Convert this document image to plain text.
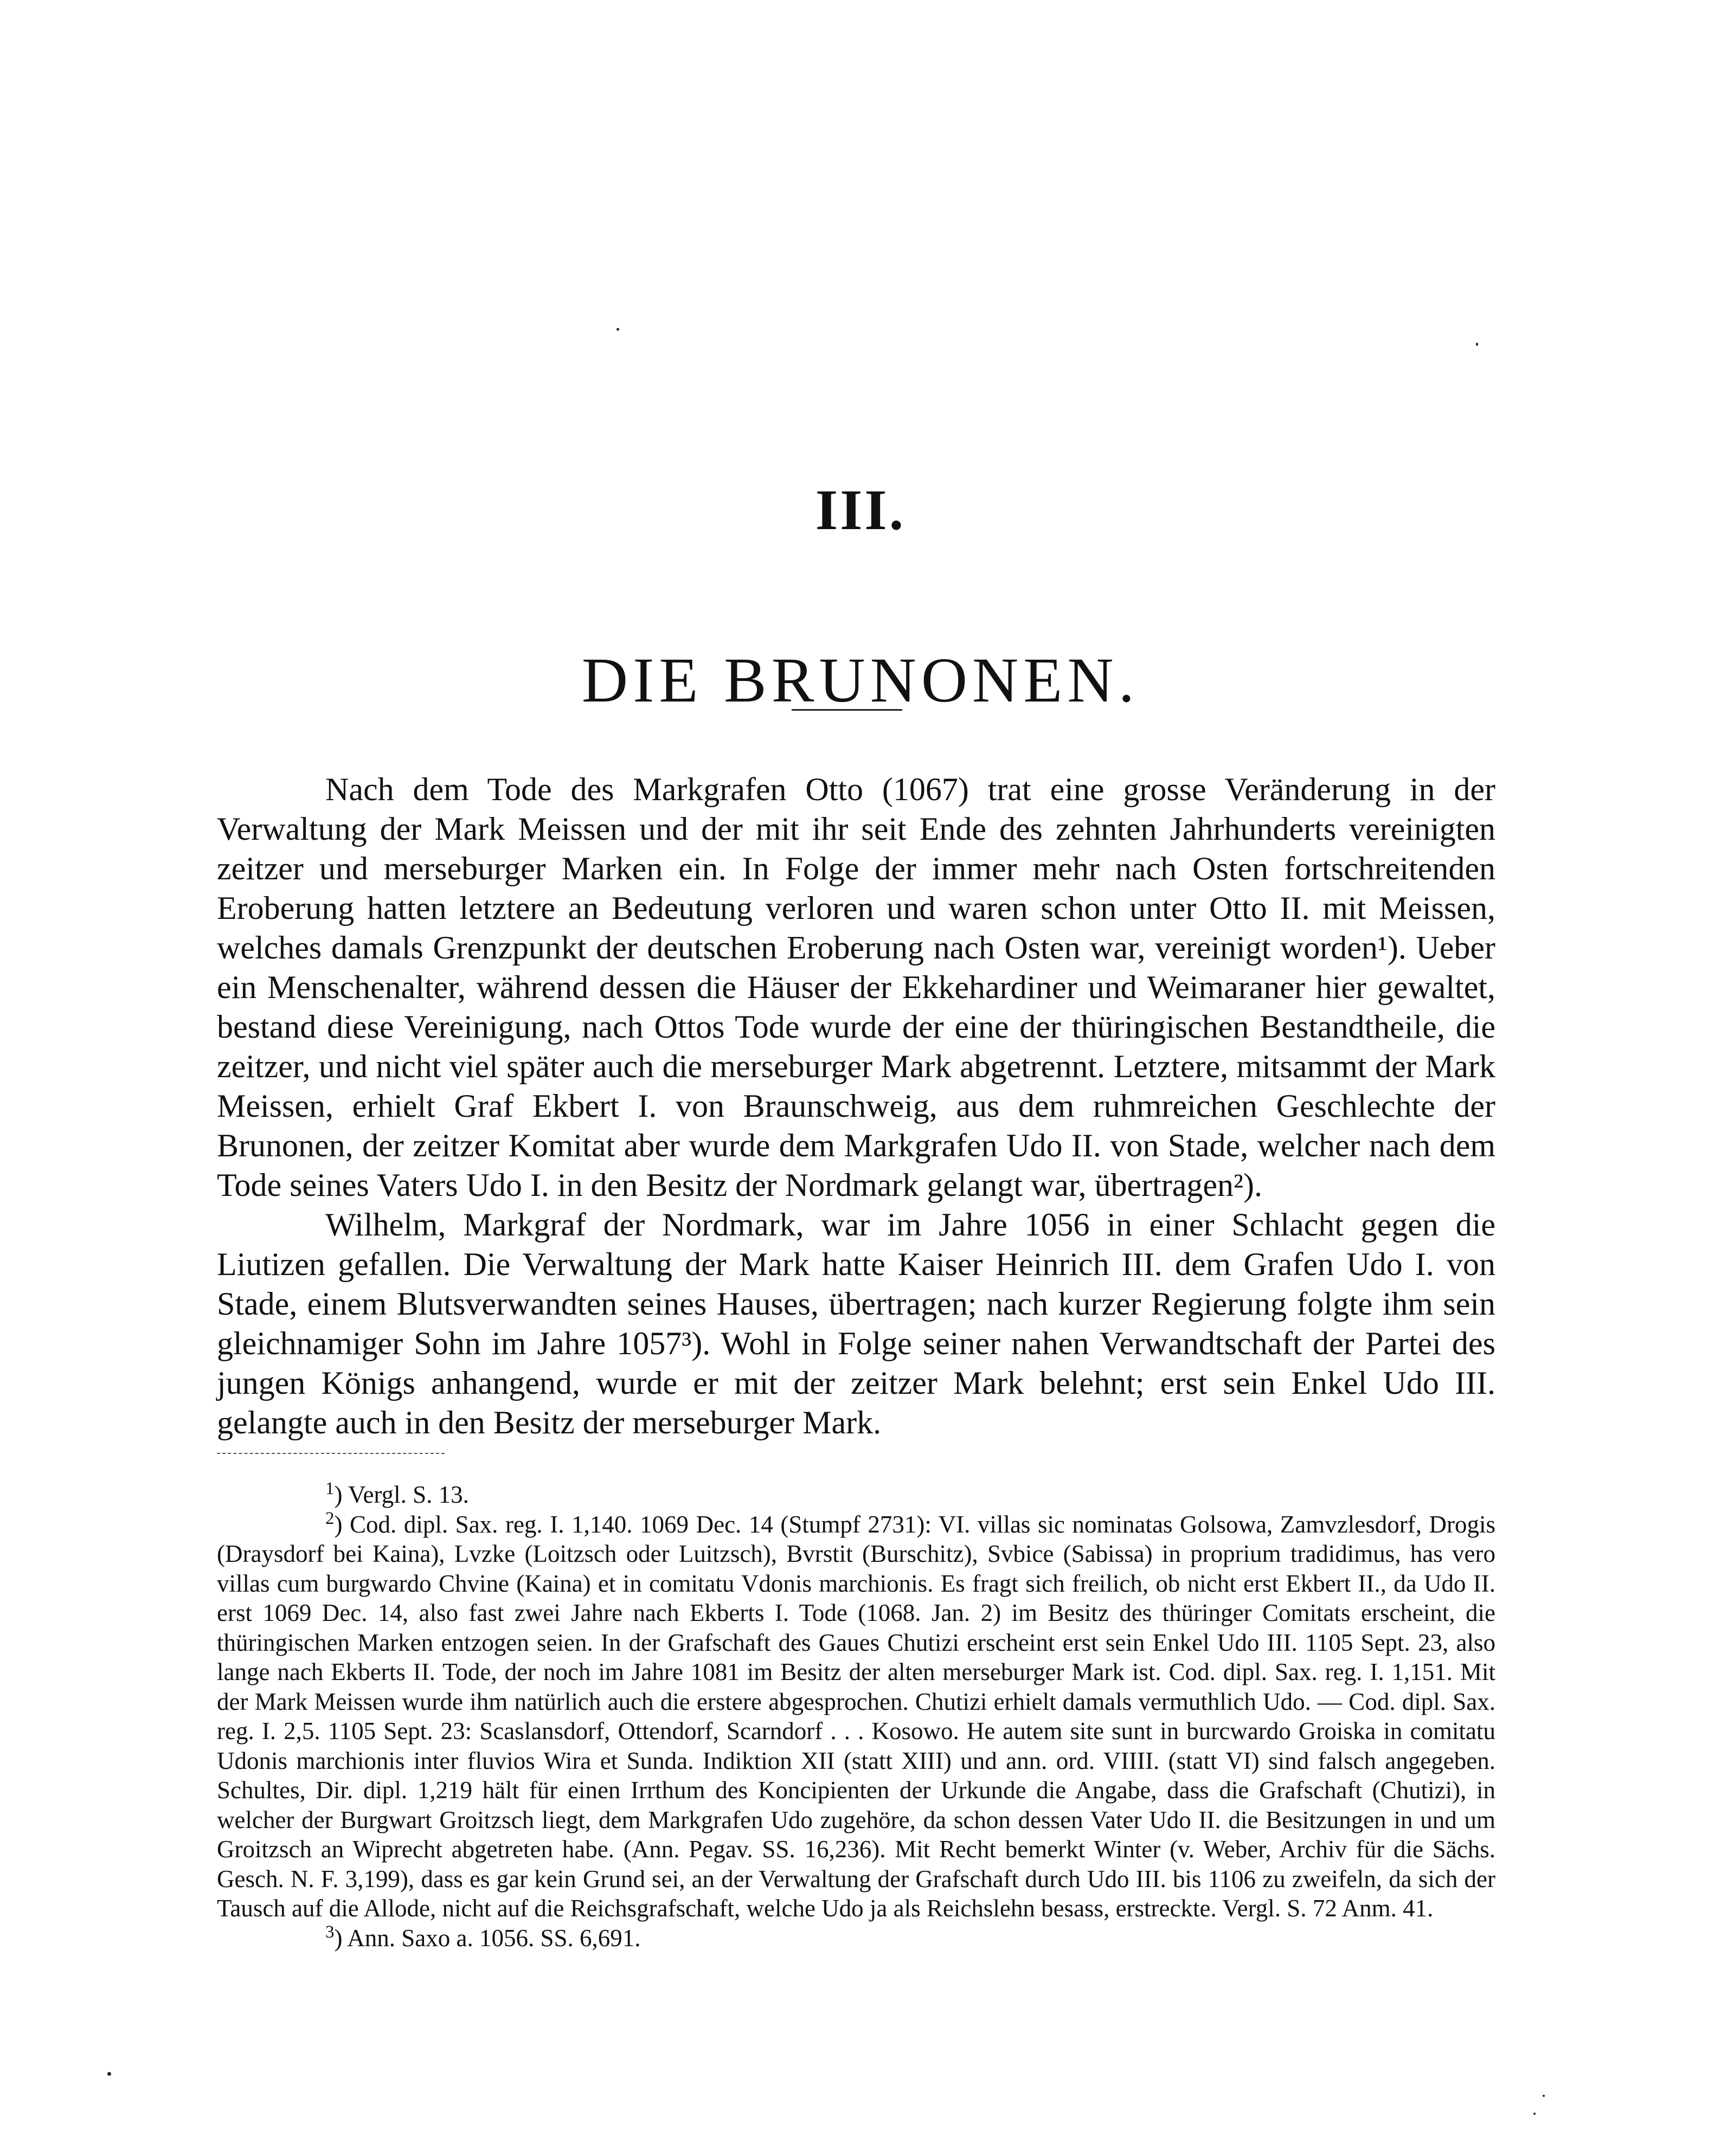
III.
DIE BRUNONEN.

Nach dem Tode des Markgrafen Otto (1067) trat eine grosse Veränderung in der Verwaltung der Mark Meissen und der mit ihr seit Ende des zehnten Jahrhunderts vereinigten zeitzer und merseburger Marken ein. In Folge der immer mehr nach Osten fortschreitenden Eroberung hatten letztere an Bedeutung verloren und waren schon unter Otto II. mit Meissen, welches damals Grenzpunkt der deutschen Eroberung nach Osten war, vereinigt worden¹). Ueber ein Menschenalter, während dessen die Häuser der Ekkehardiner und Weimaraner hier gewaltet, bestand diese Vereinigung, nach Ottos Tode wurde der eine der thüringischen Bestandtheile, die zeitzer, und nicht viel später auch die merseburger Mark abgetrennt. Letztere, mitsammt der Mark Meissen, erhielt Graf Ekbert I. von Braunschweig, aus dem ruhmreichen Geschlechte der Brunonen, der zeitzer Komitat aber wurde dem Markgrafen Udo II. von Stade, welcher nach dem Tode seines Vaters Udo I. in den Besitz der Nordmark gelangt war, übertragen²).

Wilhelm, Markgraf der Nordmark, war im Jahre 1056 in einer Schlacht gegen die Liutizen gefallen. Die Verwaltung der Mark hatte Kaiser Heinrich III. dem Grafen Udo I. von Stade, einem Blutsverwandten seines Hauses, übertragen; nach kurzer Regierung folgte ihm sein gleichnamiger Sohn im Jahre 1057³). Wohl in Folge seiner nahen Verwandtschaft der Partei des jungen Königs anhangend, wurde er mit der zeitzer Mark belehnt; erst sein Enkel Udo III. gelangte auch in den Besitz der merseburger Mark.

$^1$) Vergl. S. 13.

$^2$) Cod. dipl. Sax. reg. I. 1,140. 1069 Dec. 14 (Stumpf 2731): VI. villas sic nominatas Golsowa, Zamvzlesdorf, Drogis (Draysdorf bei Kaina), Lvzke (Loitzsch oder Luitzsch), Bvrstit (Burschitz), Svbice (Sabissa) in proprium tradidimus, has vero villas cum burgwardo Chvine (Kaina) et in comitatu Vdonis marchionis. Es fragt sich freilich, ob nicht erst Ekbert II., da Udo II. erst 1069 Dec. 14, also fast zwei Jahre nach Ekberts I. Tode (1068. Jan. 2) im Besitz des thüringer Comitats erscheint, die thüringischen Marken entzogen seien. In der Grafschaft des Gaues Chutizi erscheint erst sein Enkel Udo III. 1105 Sept. 23, also lange nach Ekberts II. Tode, der noch im Jahre 1081 im Besitz der alten merseburger Mark ist. Cod. dipl. Sax. reg. I. 1,151. Mit der Mark Meissen wurde ihm natürlich auch die erstere abgesprochen. Chutizi erhielt damals vermuthlich Udo. — Cod. dipl. Sax. reg. I. 2,5. 1105 Sept. 23: Scaslansdorf, Ottendorf, Scarndorf . . . Kosowo. He autem site sunt in burcwardo Groiska in comitatu Udonis marchionis inter fluvios Wira et Sunda. Indiktion XII (statt XIII) und ann. ord. VIIII. (statt VI) sind falsch angegeben. Schultes, Dir. dipl. 1,219 hält für einen Irrthum des Koncipienten der Urkunde die Angabe, dass die Grafschaft (Chutizi), in welcher der Burgwart Groitzsch liegt, dem Markgrafen Udo zugehöre, da schon dessen Vater Udo II. die Besitzungen in und um Groitzsch an Wiprecht abgetreten habe. (Ann. Pegav. SS. 16,236). Mit Recht bemerkt Winter (v. Weber, Archiv für die Sächs. Gesch. N. F. 3,199), dass es gar kein Grund sei, an der Verwaltung der Grafschaft durch Udo III. bis 1106 zu zweifeln, da sich der Tausch auf die Allode, nicht auf die Reichsgrafschaft, welche Udo ja als Reichslehn besass, erstreckte. Vergl. S. 72 Anm. 41.

$^3$) Ann. Saxo a. 1056. SS. 6,691.
